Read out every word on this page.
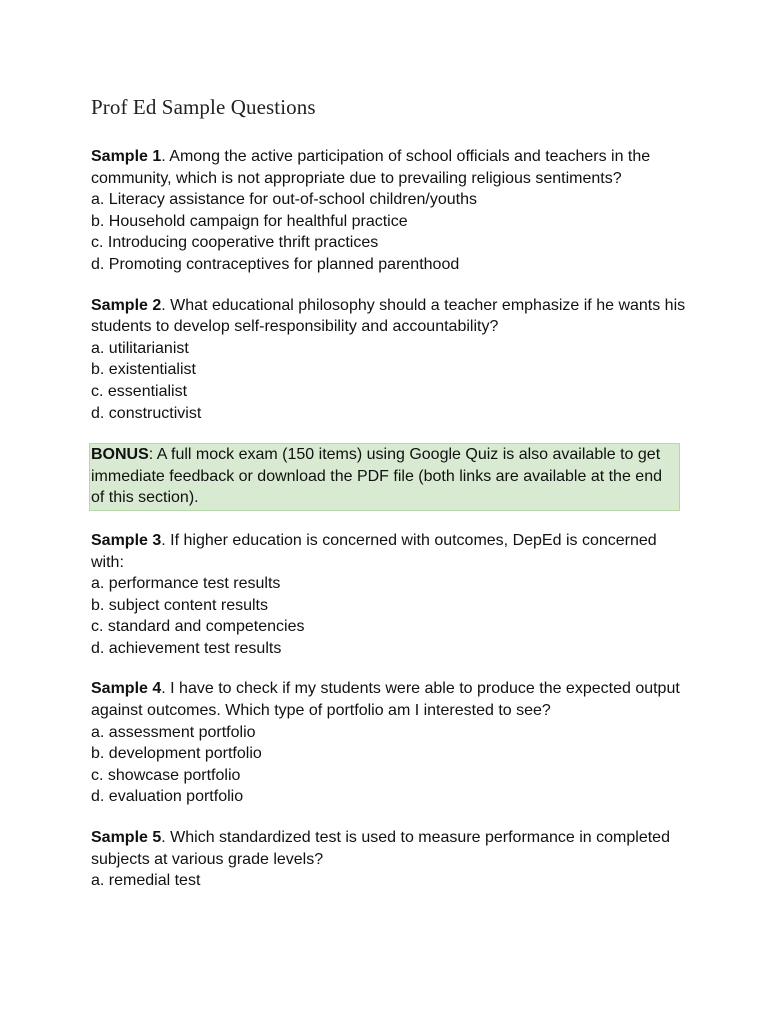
Prof Ed Sample Questions

Sample 1. Among the active participation of school officials and teachers in the community, which is not appropriate due to prevailing religious sentiments?

a. Literacy assistance for out-of-school children/youths
b. Household campaign for healthful practice
c. Introducing cooperative thrift practices
d. Promoting contraceptives for planned parenthood

Sample 2. What educational philosophy should a teacher emphasize if he wants his students to develop self-responsibility and accountability?

a. utilitarianist
b. existentialist
c. essentialist
d. constructivist
BONUS: A full mock exam (150 items) using Google Quiz is also available to get immediate feedback or download the PDF file (both links are available at the end of this section).

Sample 3. If higher education is concerned with outcomes, DepEd is concerned with:

a. performance test results
b. subject content results
c. standard and competencies
d. achievement test results

Sample 4. I have to check if my students were able to produce the expected output against outcomes. Which type of portfolio am I interested to see?

a. assessment portfolio
b. development portfolio
c. showcase portfolio
d. evaluation portfolio

Sample 5. Which standardized test is used to measure performance in completed subjects at various grade levels?

a. remedial test
